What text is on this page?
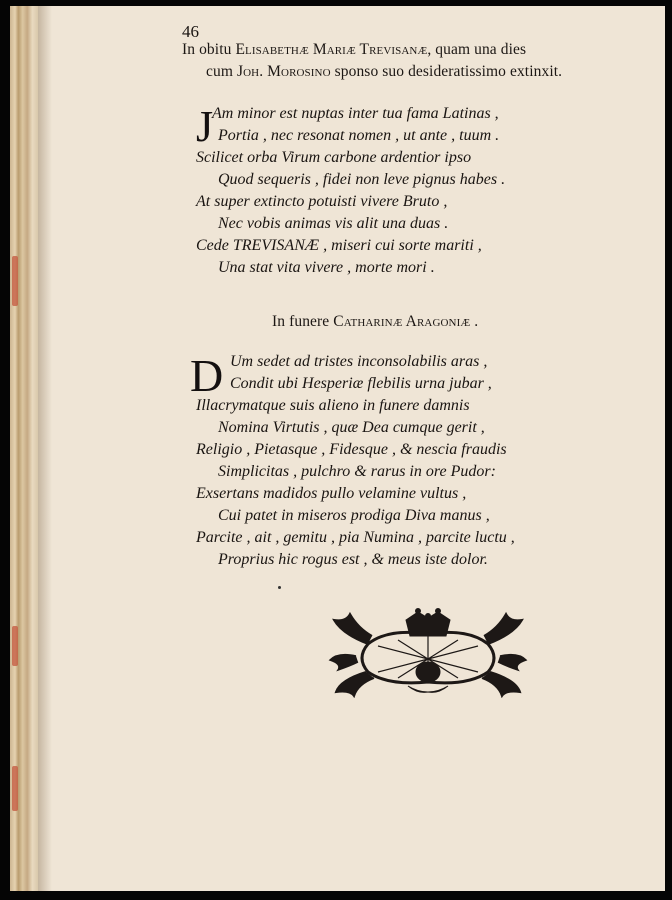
46
In obitu Elisabethæ Mariæ Trevisanæ, quam una dies
cum Joh. Morosino sponso suo desideratissimo extinxit.
J
Am minor est nuptas inter tua fama Latinas ,
Portia , nec resonat nomen , ut ante , tuum .
Scilicet orba Virum carbone ardentior ipso
Quod sequeris , fidei non leve pignus habes .
At super extincto potuisti vivere Bruto ,
Nec vobis animas vis alit una duas .
Cede TREVISANÆ , miseri cui sorte mariti ,
Una stat vita vivere , morte mori .
In funere Catharinæ Aragoniæ .
D Um sedet ad tristes inconsolabilis aras ,
Condit ubi Hesperiæ flebilis urna jubar ,
Illacrymatque suis alieno in funere damnis
Nomina Virtutis , quæ Dea cumque gerit ,
Religio , Pietasque , Fidesque , & nescia fraudis
Simplicitas , pulchro & rarus in ore Pudor:
Exsertans madidos pullo velamine vultus ,
Cui patet in miseros prodiga Diva manus ,
Parcite , ait , gemitu , pia Numina , parcite luctu ,
Proprius hic rogus est , & meus iste dolor.
